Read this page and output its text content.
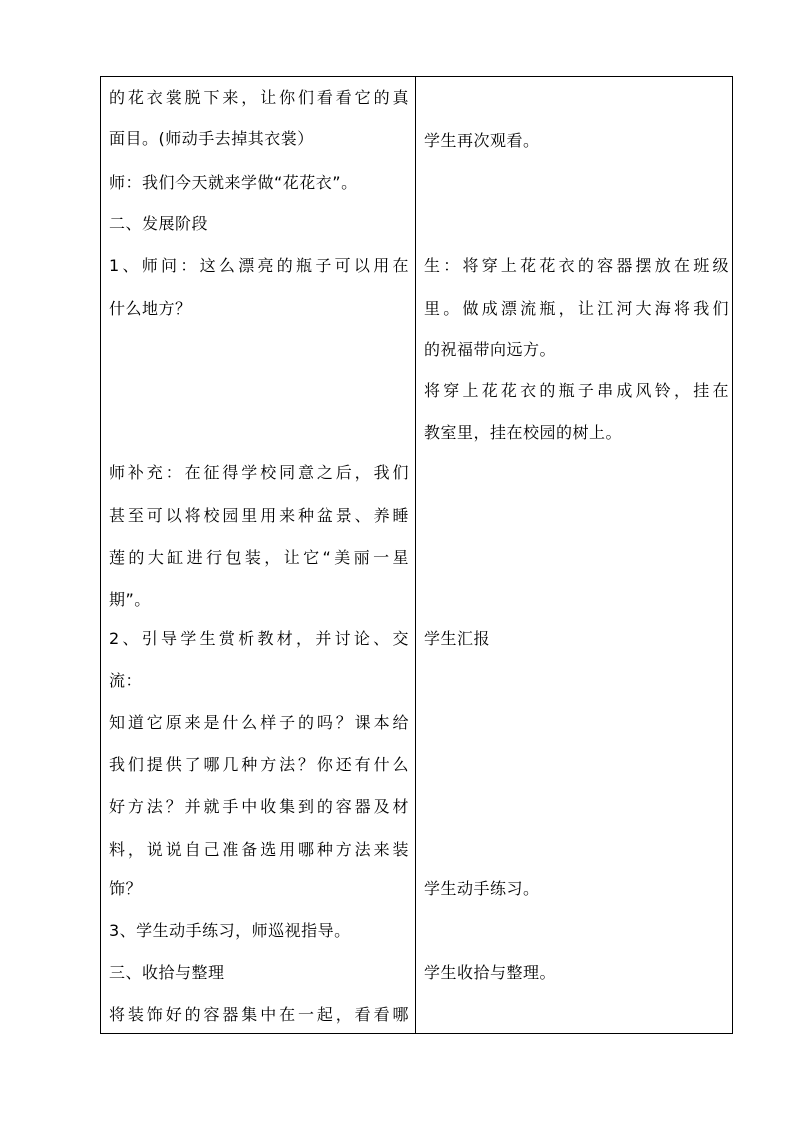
的花衣裳脱下来，让你们看看它的真
面目。(师动手去掉其衣裳）
师：我们今天就来学做“花花衣”。
二、发展阶段
1、师问：这么漂亮的瓶子可以用在
什么地方？
师补充：在征得学校同意之后，我们
甚至可以将校园里用来种盆景、养睡
莲的大缸进行包装，让它“美丽一星
期”。
2、引导学生赏析教材，并讨论、交
流：
知道它原来是什么样子的吗？课本给
我们提供了哪几种方法？你还有什么
好方法？并就手中收集到的容器及材
料，说说自己准备选用哪种方法来装
饰？
3、学生动手练习，师巡视指导。
三、收拾与整理
将装饰好的容器集中在一起，看看哪
学生再次观看。
生：将穿上花花衣的容器摆放在班级
里。做成漂流瓶，让江河大海将我们
的祝福带向远方。
将穿上花花衣的瓶子串成风铃，挂在
教室里，挂在校园的树上。
学生汇报
学生动手练习。
学生收拾与整理。
